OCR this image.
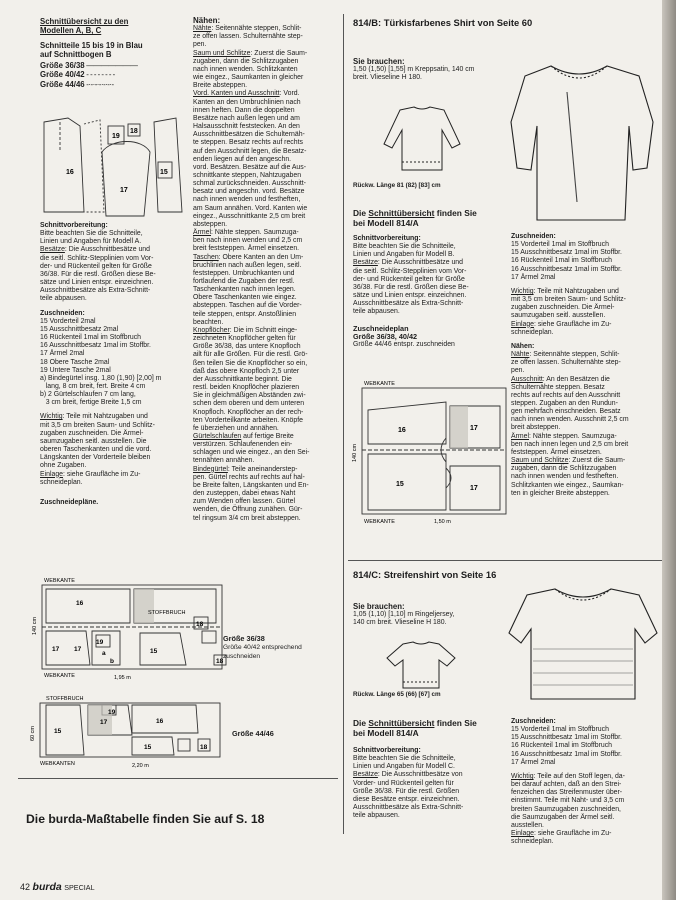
Schnittübersicht zu den
Modellen A, B, C
Schnitteile 15 bis 19 in Blau
auf Schnittbogen B
Größe 36/38 ———————
Größe 40/42 - - - - - - - -
Größe 44/46 -·-·-·-·-·-·-
16
19
18
15
17
Schnittvorbereitung:
Bitte beachten Sie die Schnitteile,
Linien und Angaben für Modell A.
Besätze: Die Ausschnittbesätze und
die seitl. Schlitz-Stepplinien vom Vor-
der- und Rückenteil gelten für Größe
36/38. Für die restl. Größen diese Be-
sätze und Linien entspr. einzeichnen.
Ausschnittbesätze als Extra-Schnitt-
teile abpausen.
Zuschneiden:
15 Vorderteil 2mal
15 Ausschnittbesatz 2mal
16 Rückenteil 1mal im Stoffbruch
16 Ausschnittbesatz 1mal im Stoffbr.
17 Ärmel 2mal
18 Obere Tasche 2mal
19 Untere Tasche 2mal
a) Bindegürtel insg. 1,80 (1,90) [2,00] m
lang, 8 cm breit, fert. Breite 4 cm
b) 2 Gürtelschlaufen 7 cm lang,
3 cm breit, fertige Breite 1,5 cm
Wichtig: Teile mit Nahtzugaben und
mit 3,5 cm breiten Saum- und Schlitz-
zugaben zuschneiden. Die Ärmel-
saumzugaben seitl. ausstellen. Die
oberen Taschenkanten und die vord.
Längskanten der Vorderteile bleiben
ohne Zugaben.
Einlage: siehe Graufläche im Zu-
schneideplan.
Zuschneidepläne.
Nähen:
Nähte: Seitennähte steppen, Schlit-
ze offen lassen. Schulternähte step-
pen.
Saum und Schlitze: Zuerst die Saum-
zugaben, dann die Schlitzzugaben
nach innen wenden. Schlitzkanten
wie eingez., Saumkanten in gleicher
Breite absteppen.
Vord. Kanten und Ausschnitt: Vord.
Kanten an den Umbruchlinien nach
innen heften. Dann die doppelten
Besätze nach außen legen und am
Halsausschnitt feststecken. An den
Ausschnittbesätzen die Schulternäh-
te steppen. Besatz rechts auf rechts
auf den Ausschnitt legen, die Besatz-
enden liegen auf den angeschn.
vord. Besätzen. Besätze auf die Aus-
schnittkante steppen, Nahtzugaben
schmal zurückschneiden. Ausschnitt-
besatz und angeschn. vord. Besätze
nach innen wenden und festheften,
am Saum annähen. Vord. Kanten wie
eingez., Ausschnittkante 2,5 cm breit
absteppen.
Ärmel: Nähte steppen. Saumzuga-
ben nach innen wenden und 2,5 cm
breit feststeppen. Ärmel einsetzen.
Taschen: Obere Kanten an den Um-
bruchlinien nach außen legen, seitl.
feststeppen. Umbruchkanten und
fortlaufend die Zugaben der restl.
Taschenkanten nach innen legen.
Obere Taschenkanten wie eingez.
absteppen. Taschen auf die Vorder-
teile steppen, entspr. Anstoßlinien
beachten.
Knopflöcher: Die im Schnitt einge-
zeichneten Knopflöcher gelten für
Größe 36/38, das untere Knopfloch
ailt für alle Größen. Für die restl. Grö-
ßen teilen Sie die Knopflöcher so ein,
daß das obere Knopfloch 2,5 unter
der Ausschnittkante beginnt. Die
restl. beiden Knopflöcher plazieren
Sie in gleichmäßigen Abständen zwi-
schen dem oberen und dem unteren
Knopfloch. Knopflöcher an der rech-
ten Vorderteilkante arbeiten. Knöpfe
fe überziehen und annähen.
Gürtelschlaufen auf fertige Breite
verstürzen. Schlaufenenden ein-
schlagen und wie eingez., an den Sei-
tennähten annähen.
Bindegürtel: Teile aneinanderstep-
pen. Gürtel rechts auf rechts auf hal-
be Breite falten, Längskanten und En-
den zusteppen, dabei etwas Naht
zum Wenden offen lassen. Gürtel
wenden, die Öffnung zunähen. Gür-
tel ringsum 3/4 cm breit absteppen.
WEBKANTE
STOFFBRUCH
WEBKANTE	1,95 m
140 cm
16
17 17
19
a
b
15
18
18
Größe 36/38
Größe 40/42 entsprechend
zuschneiden
STOFFBRUCH
WEBKANTEN	2,20 m
60 cm	15
17
19
16
15	18
Größe 44/46
Die burda-Maßtabelle finden Sie auf S. 18
42 burda SPECIAL
814/B: Türkisfarbenes Shirt von Seite 60
Sie brauchen:
1,50 (1,50) [1,55] m Kreppsatin, 140 cm
breit. Vlieseline H 180.
Rückw. Länge 81 (82) [83] cm
Die Schnittübersicht finden Sie
bei Modell 814/A
Schnittvorbereitung:
Bitte beachten Sie die Schnitteile,
Linien und Angaben für Modell B.
Besätze: Die Ausschnittbesätze und
die seitl. Schlitz-Stepplinien vom Vor-
der- und Rückenteil gelten für Größe
36/38. Für die restl. Größen diese Be-
sätze und Linien entspr. einzeichnen.
Ausschnittbesätze als Extra-Schnitt-
teile abpausen.
Zuschneideplan
Größe 36/38, 40/42
Größe 44/46 entspr. zuschneiden
WEBKANTE
WEBKANTE	1,50 m
140 cm
16	17
17
15
Zuschneiden:
15 Vorderteil 1mal im Stoffbruch
15 Ausschnittbesatz 1mal im Stoffbr.
16 Rückenteil 1mal im Stoffbruch
16 Ausschnittbesatz 1mal im Stoffbr.
17 Ärmel 2mal
Wichtig: Teile mit Nahtzugaben und
mit 3,5 cm breiten Saum- und Schlitz-
zugaben zuschneiden. Die Ärmel-
saumzugaben seitl. ausstellen.
Einlage: siehe Graufläche im Zu-
schneideplan.
Nähen:
Nähte: Seitennähte steppen, Schlit-
ze offen lassen. Schulternähte step-
pen.
Ausschnitt: An den Besätzen die
Schulternähte steppen. Besatz
rechts auf rechts auf den Ausschnitt
steppen. Zugaben an den Rundun-
gen mehrfach einschneiden. Besatz
nach innen wenden. Ausschnitt 2,5 cm
breit absteppen.
Ärmel: Nähte steppen. Saumzuga-
ben nach innen legen und 2,5 cm breit
feststeppen. Ärmel einsetzen.
Saum und Schlitze: Zuerst die Saum-
zugaben, dann die Schlitzzugaben
nach innen wenden und festheften.
Schlitzkanten wie eingez., Saumkan-
ten in gleicher Breite absteppen.
814/C: Streifenshirt von Seite 16
Sie brauchen:
1,05 (1,10) [1,10] m Ringeljersey,
140 cm breit. Vlieseline H 180.
Rückw. Länge 65 (66) [67] cm
Die Schnittübersicht finden Sie
bei Modell 814/A
Schnittvorbereitung:
Bitte beachten Sie die Schnitteile,
Linien und Angaben für Modell C.
Besätze: Die Ausschnittbesätze von
Vorder- und Rückenteil gelten für
Größe 36/38. Für die restl. Größen
diese Besätze entspr. einzeichnen.
Ausschnittbesätze als Extra-Schnitt-
teile abpausen.
Zuschneiden:
15 Vorderteil 1mal im Stoffbruch
15 Ausschnittbesatz 1mal im Stoffbr.
16 Rückenteil 1mal im Stoffbruch
16 Ausschnittbesatz 1mal im Stoffbr.
17 Ärmel 2mal
Wichtig: Teile auf den Stoff legen, da-
bei darauf achten, daß an den Strei-
fenzeichen das Streifenmuster über-
einstimmt. Teile mit Naht- und 3,5 cm
breiten Saumzugaben zuschneiden,
die Saumzugaben der Ärmel seitl.
ausstellen.
Einlage: siehe Graufläche im Zu-
schneideplan.
